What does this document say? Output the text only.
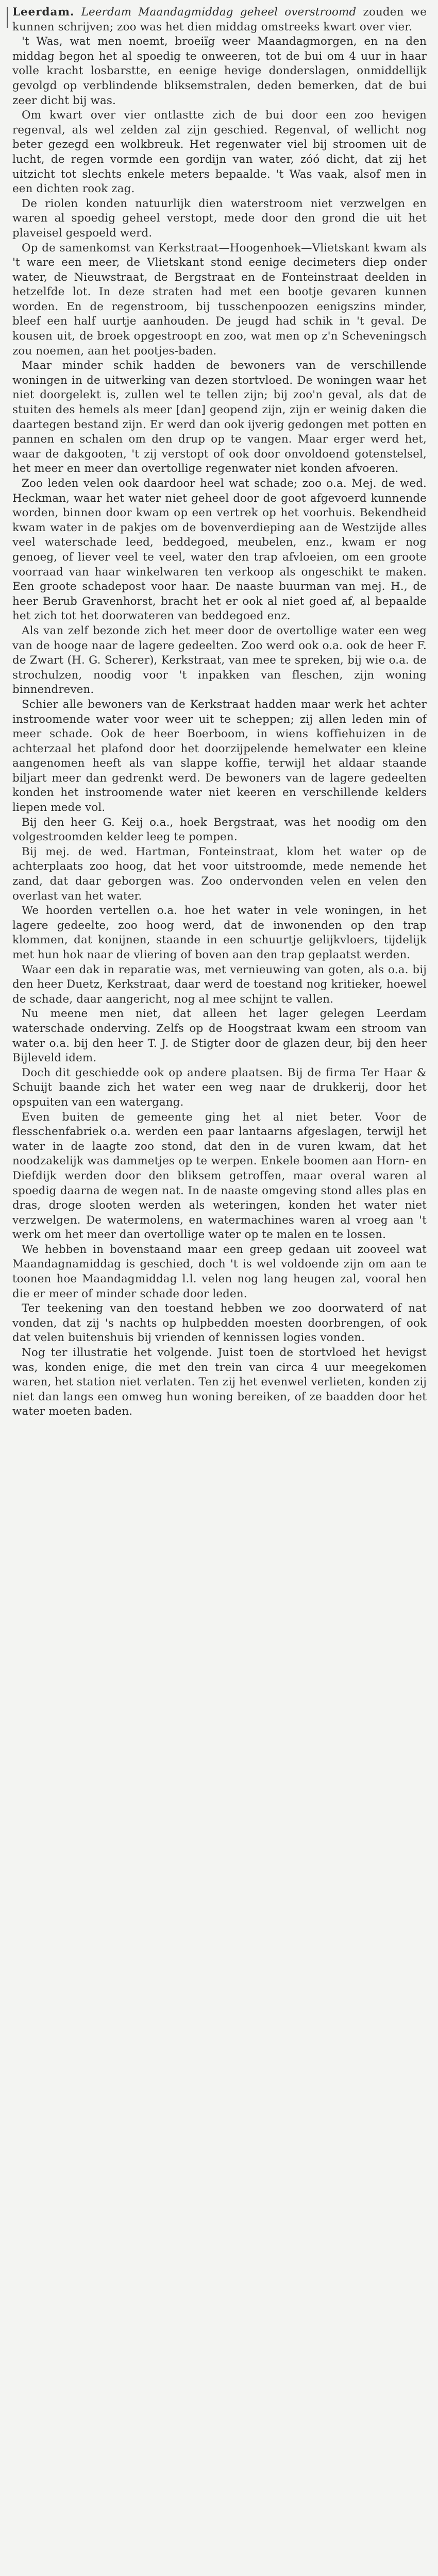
Leerdam. Leerdam Maandagmiddag geheel overstroomd zouden we kunnen schrijven; zoo was het dien middag omstreeks kwart over vier.

't Was, wat men noemt, broeiïg weer Maandagmorgen, en na den middag begon het al spoedig te onweeren, tot de bui om 4 uur in haar volle kracht losbarstte, en eenige hevige donderslagen, onmiddellijk gevolgd op verblindende bliksemstralen, deden bemerken, dat de bui zeer dicht bij was.

Om kwart over vier ontlastte zich de bui door een zoo hevigen regenval, als wel zelden zal zijn geschied. Regenval, of wellicht nog beter gezegd een wolkbreuk. Het regenwater viel bij stroomen uit de lucht, de regen vormde een gordijn van water, zóó dicht, dat zij het uitzicht tot slechts enkele meters bepaalde. 't Was vaak, alsof men in een dichten rook zag.

De riolen konden natuurlijk dien waterstroom niet verzwelgen en waren al spoedig geheel verstopt, mede door den grond die uit het plaveisel gespoeld werd.

Op de samenkomst van Kerkstraat—Hoogenhoek—Vlietskant kwam als 't ware een meer, de Vlietskant stond eenige decimeters diep onder water, de Nieuwstraat, de Bergstraat en de Fonteinstraat deelden in hetzelfde lot. In deze straten had met een bootje gevaren kunnen worden. En de regenstroom, bij tusschenpoozen eenigszins minder, bleef een half uurtje aanhouden. De jeugd had schik in 't geval. De kousen uit, de broek opgestroopt en zoo, wat men op z'n Scheveningsch zou noemen, aan het pootjes-baden.

Maar minder schik hadden de bewoners van de verschillende woningen in de uitwerking van dezen stortvloed. De woningen waar het niet doorgelekt is, zullen wel te tellen zijn; bij zoo'n geval, als dat de stuiten des hemels als meer [dan] geopend zijn, zijn er weinig daken die daartegen bestand zijn. Er werd dan ook ijverig gedongen met potten en pannen en schalen om den drup op te vangen. Maar erger werd het, waar de dakgooten, 't zij verstopt of ook door onvoldoend gotenstelsel, het meer en meer dan overtollige regenwater niet konden afvoeren.

Zoo leden velen ook daardoor heel wat schade; zoo o.a. Mej. de wed. Heckman, waar het water niet geheel door de goot afgevoerd kunnende worden, binnen door kwam op een vertrek op het voorhuis. Bekendheid kwam water in de pakjes om de bovenverdieping aan de Westzijde alles veel waterschade leed, beddegoed, meubelen, enz., kwam er nog genoeg, of liever veel te veel, water den trap afvloeien, om een groote voorraad van haar winkelwaren ten verkoop als ongeschikt te maken. Een groote schadepost voor haar. De naaste buurman van mej. H., de heer Berub Gravenhorst, bracht het er ook al niet goed af, al bepaalde het zich tot het doorwateren van beddegoed enz.

Als van zelf bezonde zich het meer door de overtollige water een weg van de hooge naar de lagere gedeelten. Zoo werd ook o.a. ook de heer F. de Zwart (H. G. Scherer), Kerkstraat, van mee te spreken, bij wie o.a. de strochulzen, noodig voor 't inpakken van fleschen, zijn woning binnendreven.

Schier alle bewoners van de Kerkstraat hadden maar werk het achter instroomende water voor weer uit te scheppen; zij allen leden min of meer schade. Ook de heer Boerboom, in wiens koffiehuizen in de achterzaal het plafond door het doorzijpelende hemelwater een kleine aangenomen heeft als van slappe koffie, terwijl het aldaar staande biljart meer dan gedrenkt werd. De bewoners van de lagere gedeelten konden het instroomende water niet keeren en verschillende kelders liepen mede vol.

Bij den heer G. Keij o.a., hoek Bergstraat, was het noodig om den volgestroomden kelder leeg te pompen.

Bij mej. de wed. Hartman, Fonteinstraat, klom het water op de achterplaats zoo hoog, dat het voor uitstroomde, mede nemende het zand, dat daar geborgen was. Zoo ondervonden velen en velen den overlast van het water.

We hoorden vertellen o.a. hoe het water in vele woningen, in het lagere gedeelte, zoo hoog werd, dat de inwonenden op den trap klommen, dat konijnen, staande in een schuurtje gelijkvloers, tijdelijk met hun hok naar de vliering of boven aan den trap geplaatst werden.

Waar een dak in reparatie was, met vernieuwing van goten, als o.a. bij den heer Duetz, Kerkstraat, daar werd de toestand nog kritieker, hoewel de schade, daar aangericht, nog al mee schijnt te vallen.

Nu meene men niet, dat alleen het lager gelegen Leerdam waterschade onderving. Zelfs op de Hoogstraat kwam een stroom van water o.a. bij den heer T. J. de Stigter door de glazen deur, bij den heer Bijleveld idem.

Doch dit geschiedde ook op andere plaatsen. Bij de firma Ter Haar & Schuijt baande zich het water een weg naar de drukkerij, door het opspuiten van een watergang.

Even buiten de gemeente ging het al niet beter. Voor de flesschenfabriek o.a. werden een paar lantaarns afgeslagen, terwijl het water in de laagte zoo stond, dat den in de vuren kwam, dat het noodzakelijk was dammetjes op te werpen. Enkele boomen aan Horn- en Diefdijk werden door den bliksem getroffen, maar overal waren al spoedig daarna de wegen nat. In de naaste omgeving stond alles plas en dras, droge slooten werden als weteringen, konden het water niet verzwelgen. De watermolens, en watermachines waren al vroeg aan 't werk om het meer dan overtollige water op te malen en te lossen.

We hebben in bovenstaand maar een greep gedaan uit zooveel wat Maandagnamiddag is geschied, doch 't is wel voldoende zijn om aan te toonen hoe Maandagmiddag l.l. velen nog lang heugen zal, vooral hen die er meer of minder schade door leden.

Ter teekening van den toestand hebben we zoo doorwaterd of nat vonden, dat zij 's nachts op hulpbedden moesten doorbrengen, of ook dat velen buitenshuis bij vrienden of kennissen logies vonden.

Nog ter illustratie het volgende. Juist toen de stortvloed het hevigst was, konden enige, die met den trein van circa 4 uur meegekomen waren, het station niet verlaten. Ten zij het evenwel verlieten, konden zij niet dan langs een omweg hun woning bereiken, of ze baadden door het water moeten baden.
